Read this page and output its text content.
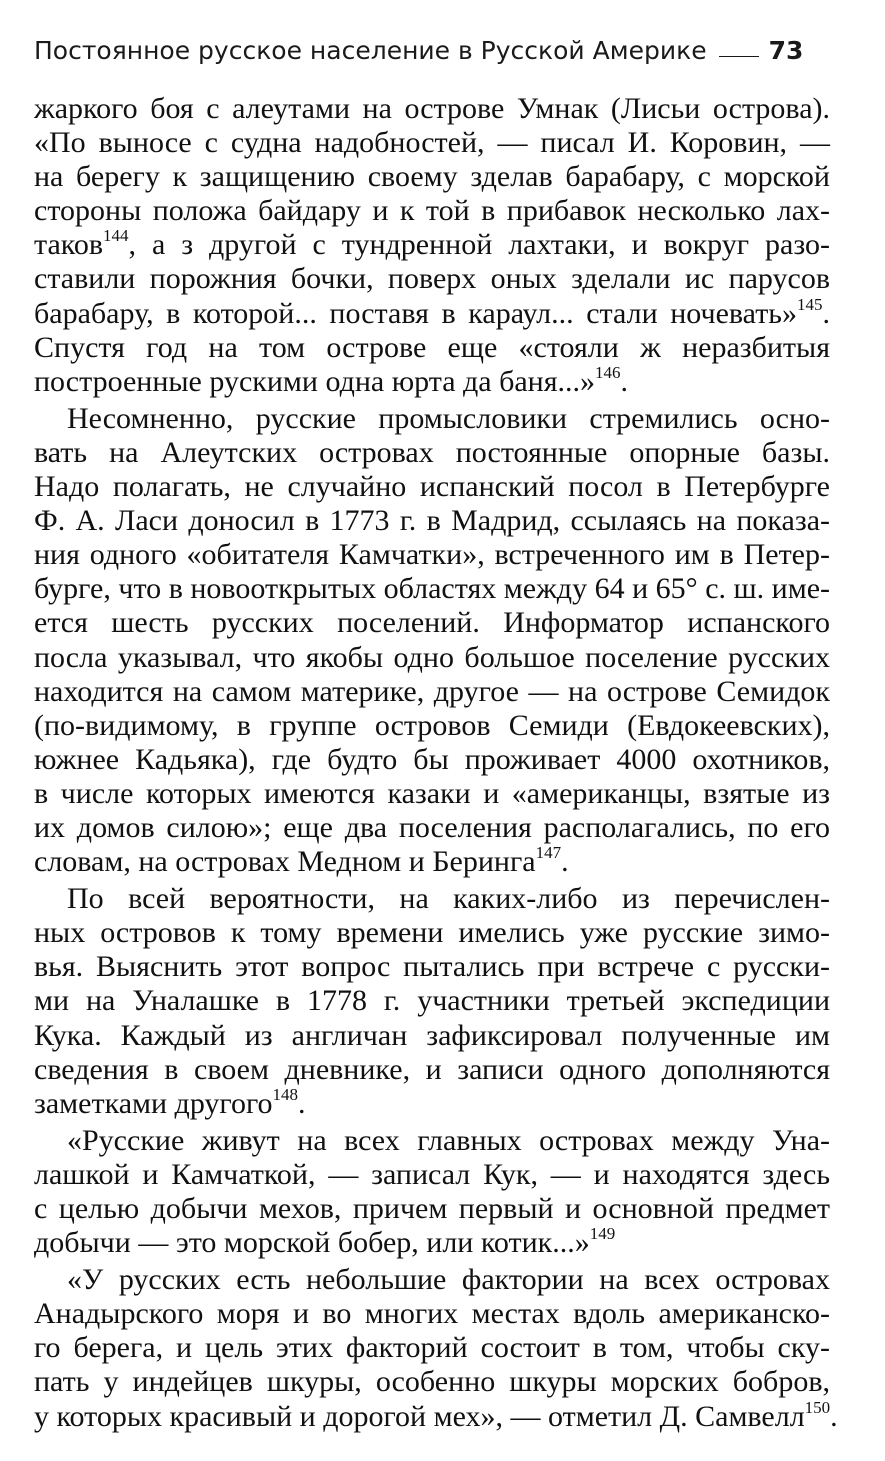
Постоянное русское население в Русской Америке 73
жаркого боя с алеутами на острове Умнак (Лисьи острова).
«По выносе с судна надобностей, — писал И. Коровин, —
на берегу к защищению своему зделав барабару, с морской
стороны положа байдару и к той в прибавок несколько лах-
таков$^{144}$, а з другой с тундренной лахтаки, и вокруг разо-
ставили порожния бочки, поверх оных зделали ис парусов
барабару, в которой... поставя в караул... стали ночевать»$^{145}$.
Спустя год на том острове еще «стояли ж неразбитыя
построенные рускими одна юрта да баня...»$^{146}$.
Несомненно, русские промысловики стремились осно-
вать на Алеутских островах постоянные опорные базы.
Надо полагать, не случайно испанский посол в Петербурге
Ф. А. Ласи доносил в 1773 г. в Мадрид, ссылаясь на показа-
ния одного «обитателя Камчатки», встреченного им в Петер-
бурге, что в новооткрытых областях между 64 и 65° с. ш. име-
ется шесть русских поселений. Информатор испанского
посла указывал, что якобы одно большое поселение русских
находится на самом материке, другое — на острове Семидок
(по-видимому, в группе островов Семиди (Евдокеевских),
южнее Кадьяка), где будто бы проживает 4000 охотников,
в числе которых имеются казаки и «американцы, взятые из
их домов силою»; еще два поселения располагались, по его
словам, на островах Медном и Беринга$^{147}$.
По всей вероятности, на каких-либо из перечислен-
ных островов к тому времени имелись уже русские зимо-
вья. Выяснить этот вопрос пытались при встрече с русски-
ми на Уналашке в 1778 г. участники третьей экспедиции
Кука. Каждый из англичан зафиксировал полученные им
сведения в своем дневнике, и записи одного дополняются
заметками другого$^{148}$.
«Русские живут на всех главных островах между Уна-
лашкой и Камчаткой, — записал Кук, — и находятся здесь
с целью добычи мехов, причем первый и основной предмет
добычи — это морской бобер, или котик...»$^{149}$
«У русских есть небольшие фактории на всех островах
Анадырского моря и во многих местах вдоль американско-
го берега, и цель этих факторий состоит в том, чтобы ску-
пать у индейцев шкуры, особенно шкуры морских бобров,
у которых красивый и дорогой мех», — отметил Д. Самвелл$^{150}$.
